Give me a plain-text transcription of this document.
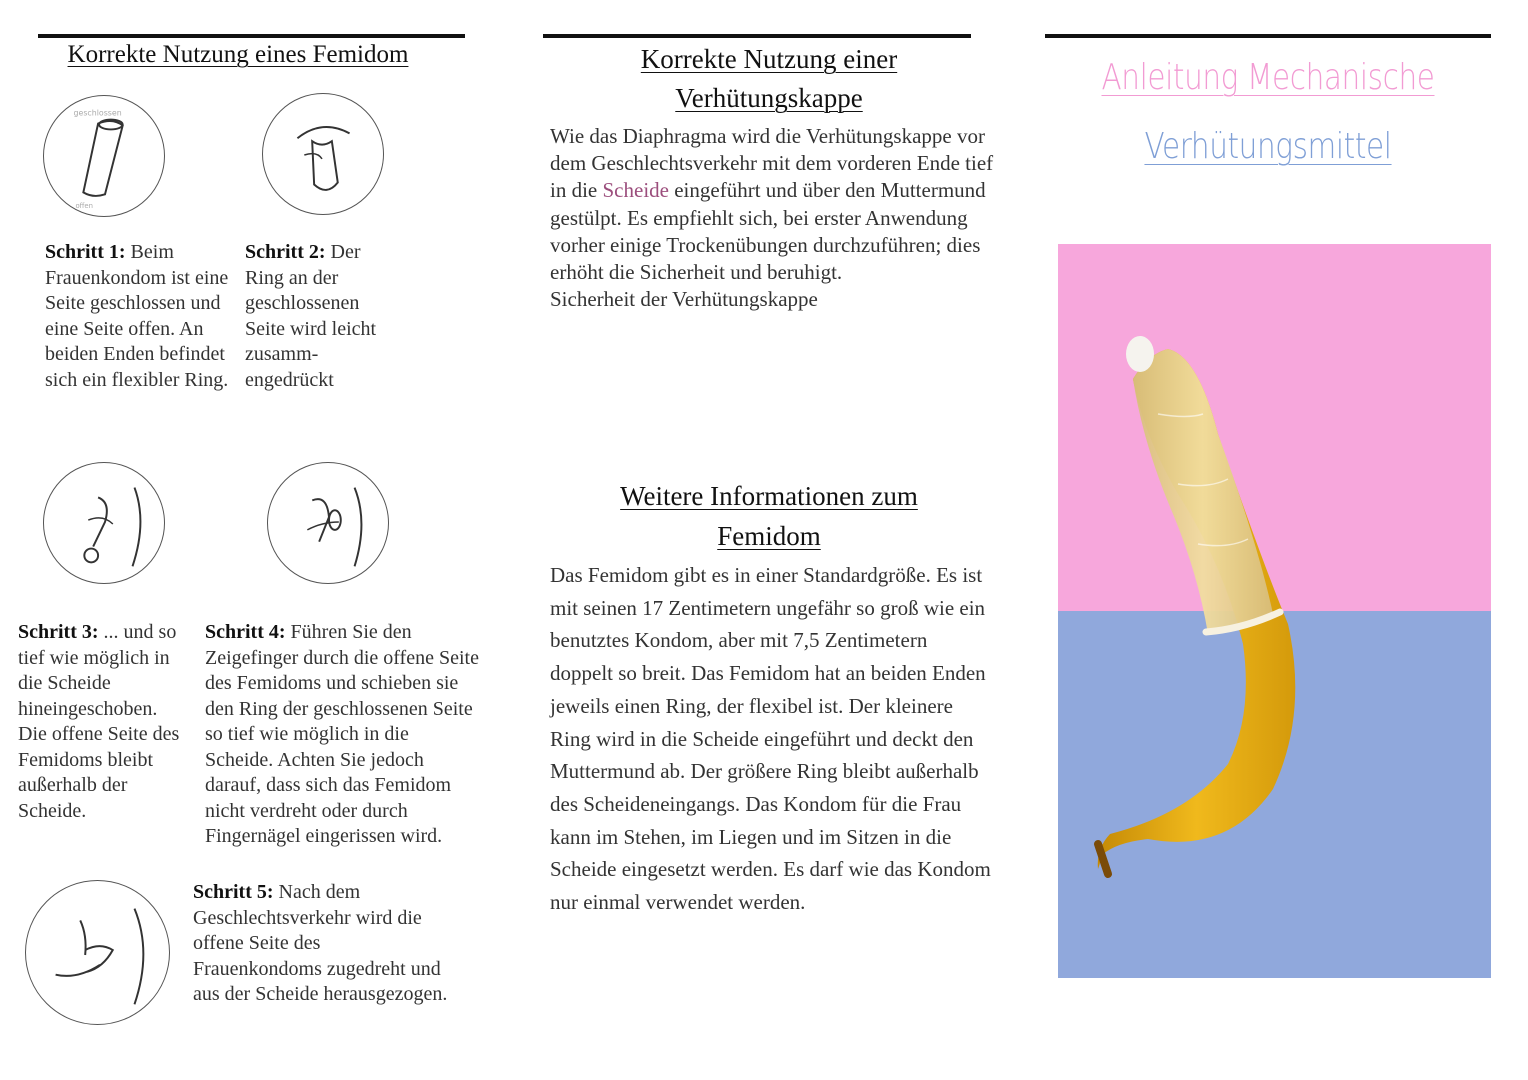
Korrekte Nutzung eines Femidom
geschlossen
offen
Schritt 1: Beim Frauenkondom ist eine Seite geschlossen und eine Seite offen. An beiden Enden befindet sich ein flexibler Ring.
Schritt 2: Der Ring an der geschlossenen Seite wird leicht zusamm-engedrückt
Schritt 3: ... und so tief wie möglich in die Scheide hineingeschoben. Die offene Seite des Femidoms bleibt außerhalb der Scheide.
Schritt 4: Führen Sie den Zeigefinger durch die offene Seite des Femidoms und schieben sie den Ring der geschlossenen Seite so tief wie möglich in die Scheide. Achten Sie jedoch darauf, dass sich das Femidom nicht verdreht oder durch Fingernägel eingerissen wird.
Schritt 5: Nach dem Geschlechtsverkehr wird die offene Seite des Frauenkondoms zugedreht und aus der Scheide herausgezogen.
Korrekte Nutzung einer
Verhütungskappe
Wie das Diaphragma wird die Verhütungskappe vor dem Geschlechtsverkehr mit dem vorderen Ende tief in die Scheide eingeführt und über den Muttermund gestülpt. Es empfiehlt sich, bei erster Anwendung vorher einige Trockenübungen durchzuführen; dies erhöht die Sicherheit und beruhigt.
Sicherheit der Verhütungskappe
Weitere Informationen zum
Femidom
Das Femidom gibt es in einer Standardgröße. Es ist mit seinen 17 Zentimetern ungefähr so groß wie ein benutztes Kondom, aber mit 7,5 Zentimetern doppelt so breit. Das Femidom hat an beiden Enden jeweils einen Ring, der flexibel ist. Der kleinere Ring wird in die Scheide eingeführt und deckt den Muttermund ab. Der größere Ring bleibt außerhalb des Scheideneingangs. Das Kondom für die Frau kann im Stehen, im Liegen und im Sitzen in die Scheide eingesetzt werden. Es darf wie das Kondom nur einmal verwendet werden.
Anleitung Mechanische
Verhütungsmittel
